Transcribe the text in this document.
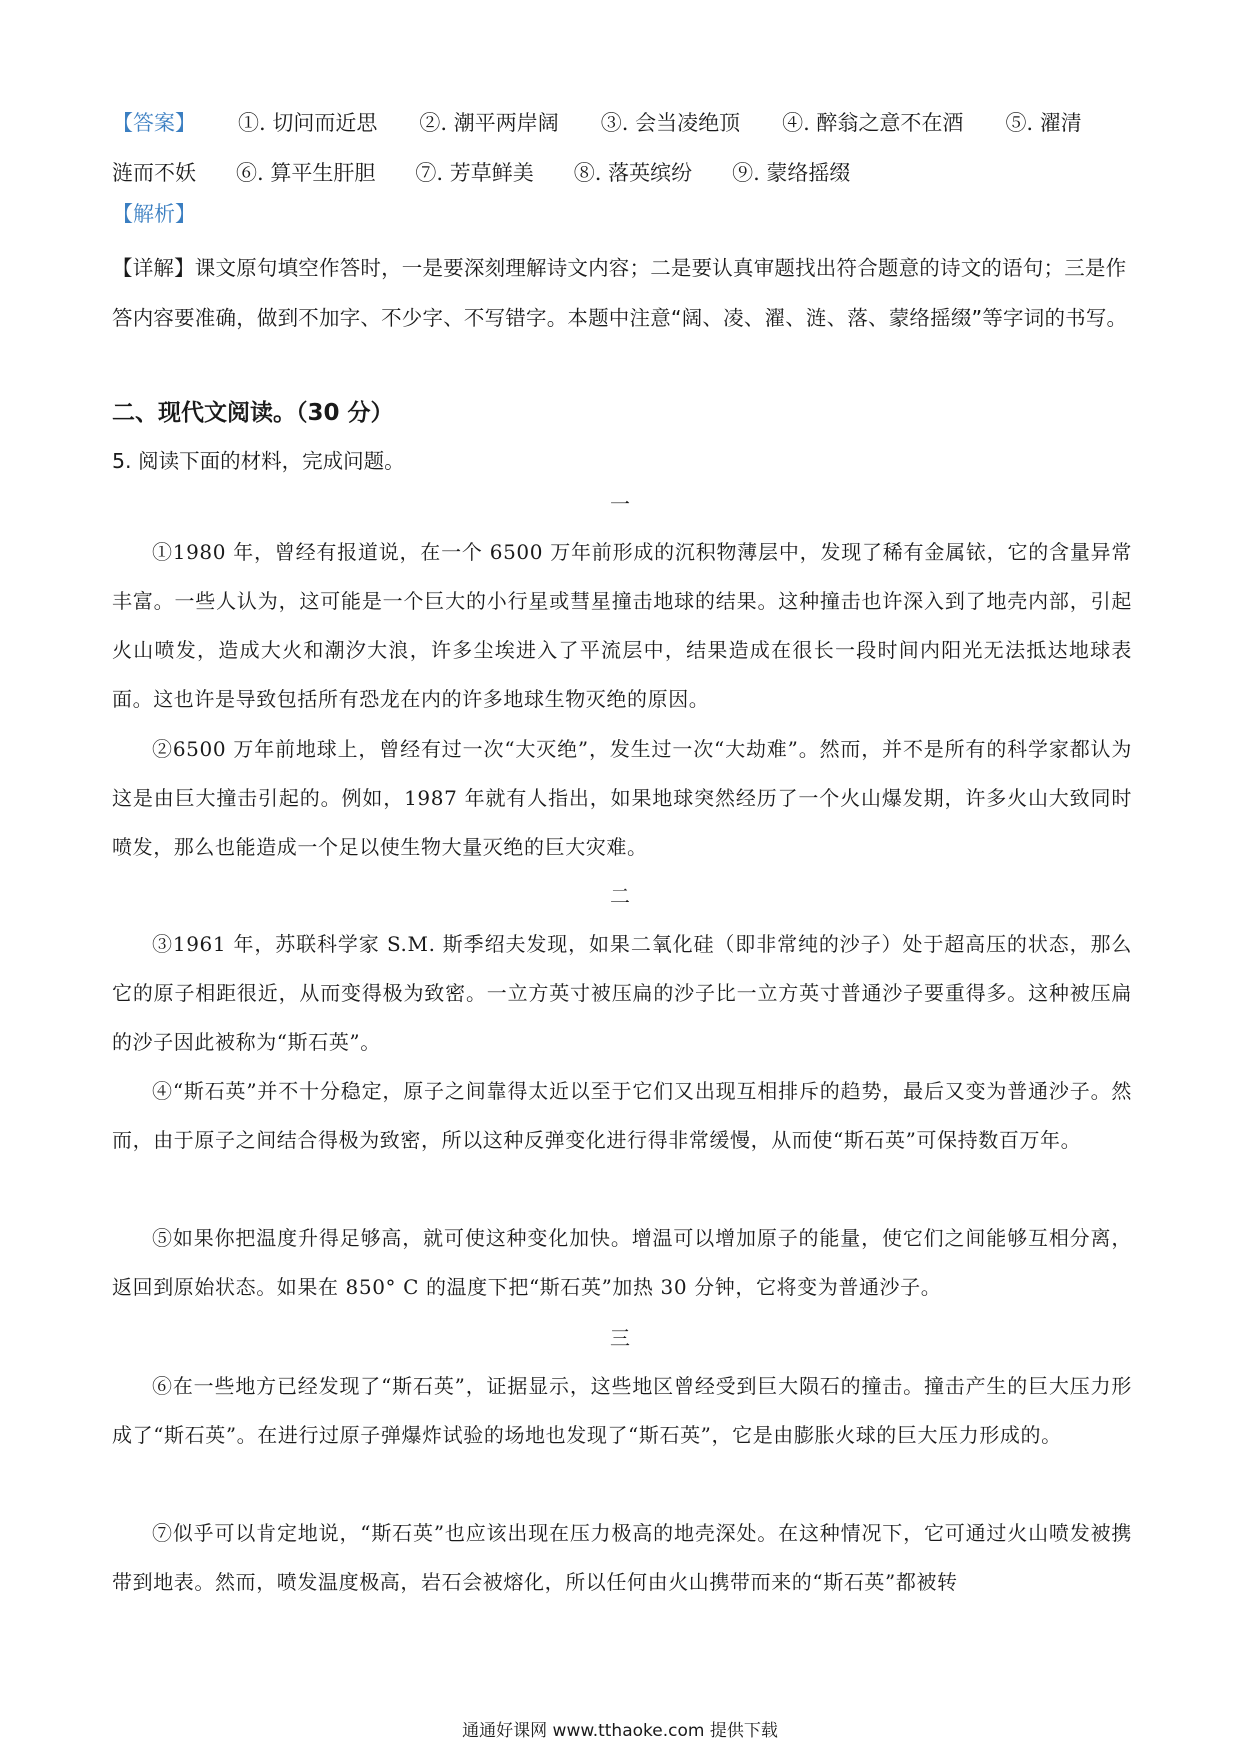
【答案】 ①. 切问而近思 ②. 潮平两岸阔 ③. 会当凌绝顶 ④. 醉翁之意不在酒 ⑤. 濯清
涟而不妖 ⑥. 算平生肝胆 ⑦. 芳草鲜美 ⑧. 落英缤纷 ⑨. 蒙络摇缀
【解析】
【详解】课文原句填空作答时，一是要深刻理解诗文内容；二是要认真审题找出符合题意的诗文的语句；三是作答内容要准确，做到不加字、不少字、不写错字。本题中注意“阔、凌、濯、涟、落、蒙络摇缀”等字词的书写。
二、现代文阅读。（30 分）
5. 阅读下面的材料，完成问题。
一
①1980 年，曾经有报道说，在一个 6500 万年前形成的沉积物薄层中，发现了稀有金属铱，它的含量异常丰富。一些人认为，这可能是一个巨大的小行星或彗星撞击地球的结果。这种撞击也许深入到了地壳内部，引起火山喷发，造成大火和潮汐大浪，许多尘埃进入了平流层中，结果造成在很长一段时间内阳光无法抵达地球表面。这也许是导致包括所有恐龙在内的许多地球生物灭绝的原因。
②6500 万年前地球上，曾经有过一次“大灭绝”，发生过一次“大劫难”。然而，并不是所有的科学家都认为这是由巨大撞击引起的。例如，1987 年就有人指出，如果地球突然经历了一个火山爆发期，许多火山大致同时喷发，那么也能造成一个足以使生物大量灭绝的巨大灾难。
二
③1961 年，苏联科学家 S.M. 斯季绍夫发现，如果二氧化硅（即非常纯的沙子）处于超高压的状态，那么它的原子相距很近，从而变得极为致密。一立方英寸被压扁的沙子比一立方英寸普通沙子要重得多。这种被压扁的沙子因此被称为“斯石英”。
④“斯石英”并不十分稳定，原子之间靠得太近以至于它们又出现互相排斥的趋势，最后又变为普通沙子。然而，由于原子之间结合得极为致密，所以这种反弹变化进行得非常缓慢，从而使“斯石英”可保持数百万年。
⑤如果你把温度升得足够高，就可使这种变化加快。增温可以增加原子的能量，使它们之间能够互相分离，返回到原始状态。如果在 850° C 的温度下把“斯石英”加热 30 分钟，它将变为普通沙子。
三
⑥在一些地方已经发现了“斯石英”，证据显示，这些地区曾经受到巨大陨石的撞击。撞击产生的巨大压力形成了“斯石英”。在进行过原子弹爆炸试验的场地也发现了“斯石英”，它是由膨胀火球的巨大压力形成的。
⑦似乎可以肯定地说，“斯石英”也应该出现在压力极高的地壳深处。在这种情况下，它可通过火山喷发被携带到地表。然而，喷发温度极高，岩石会被熔化，所以任何由火山携带而来的“斯石英”都被转
通通好课网 www.tthaoke.com 提供下载
